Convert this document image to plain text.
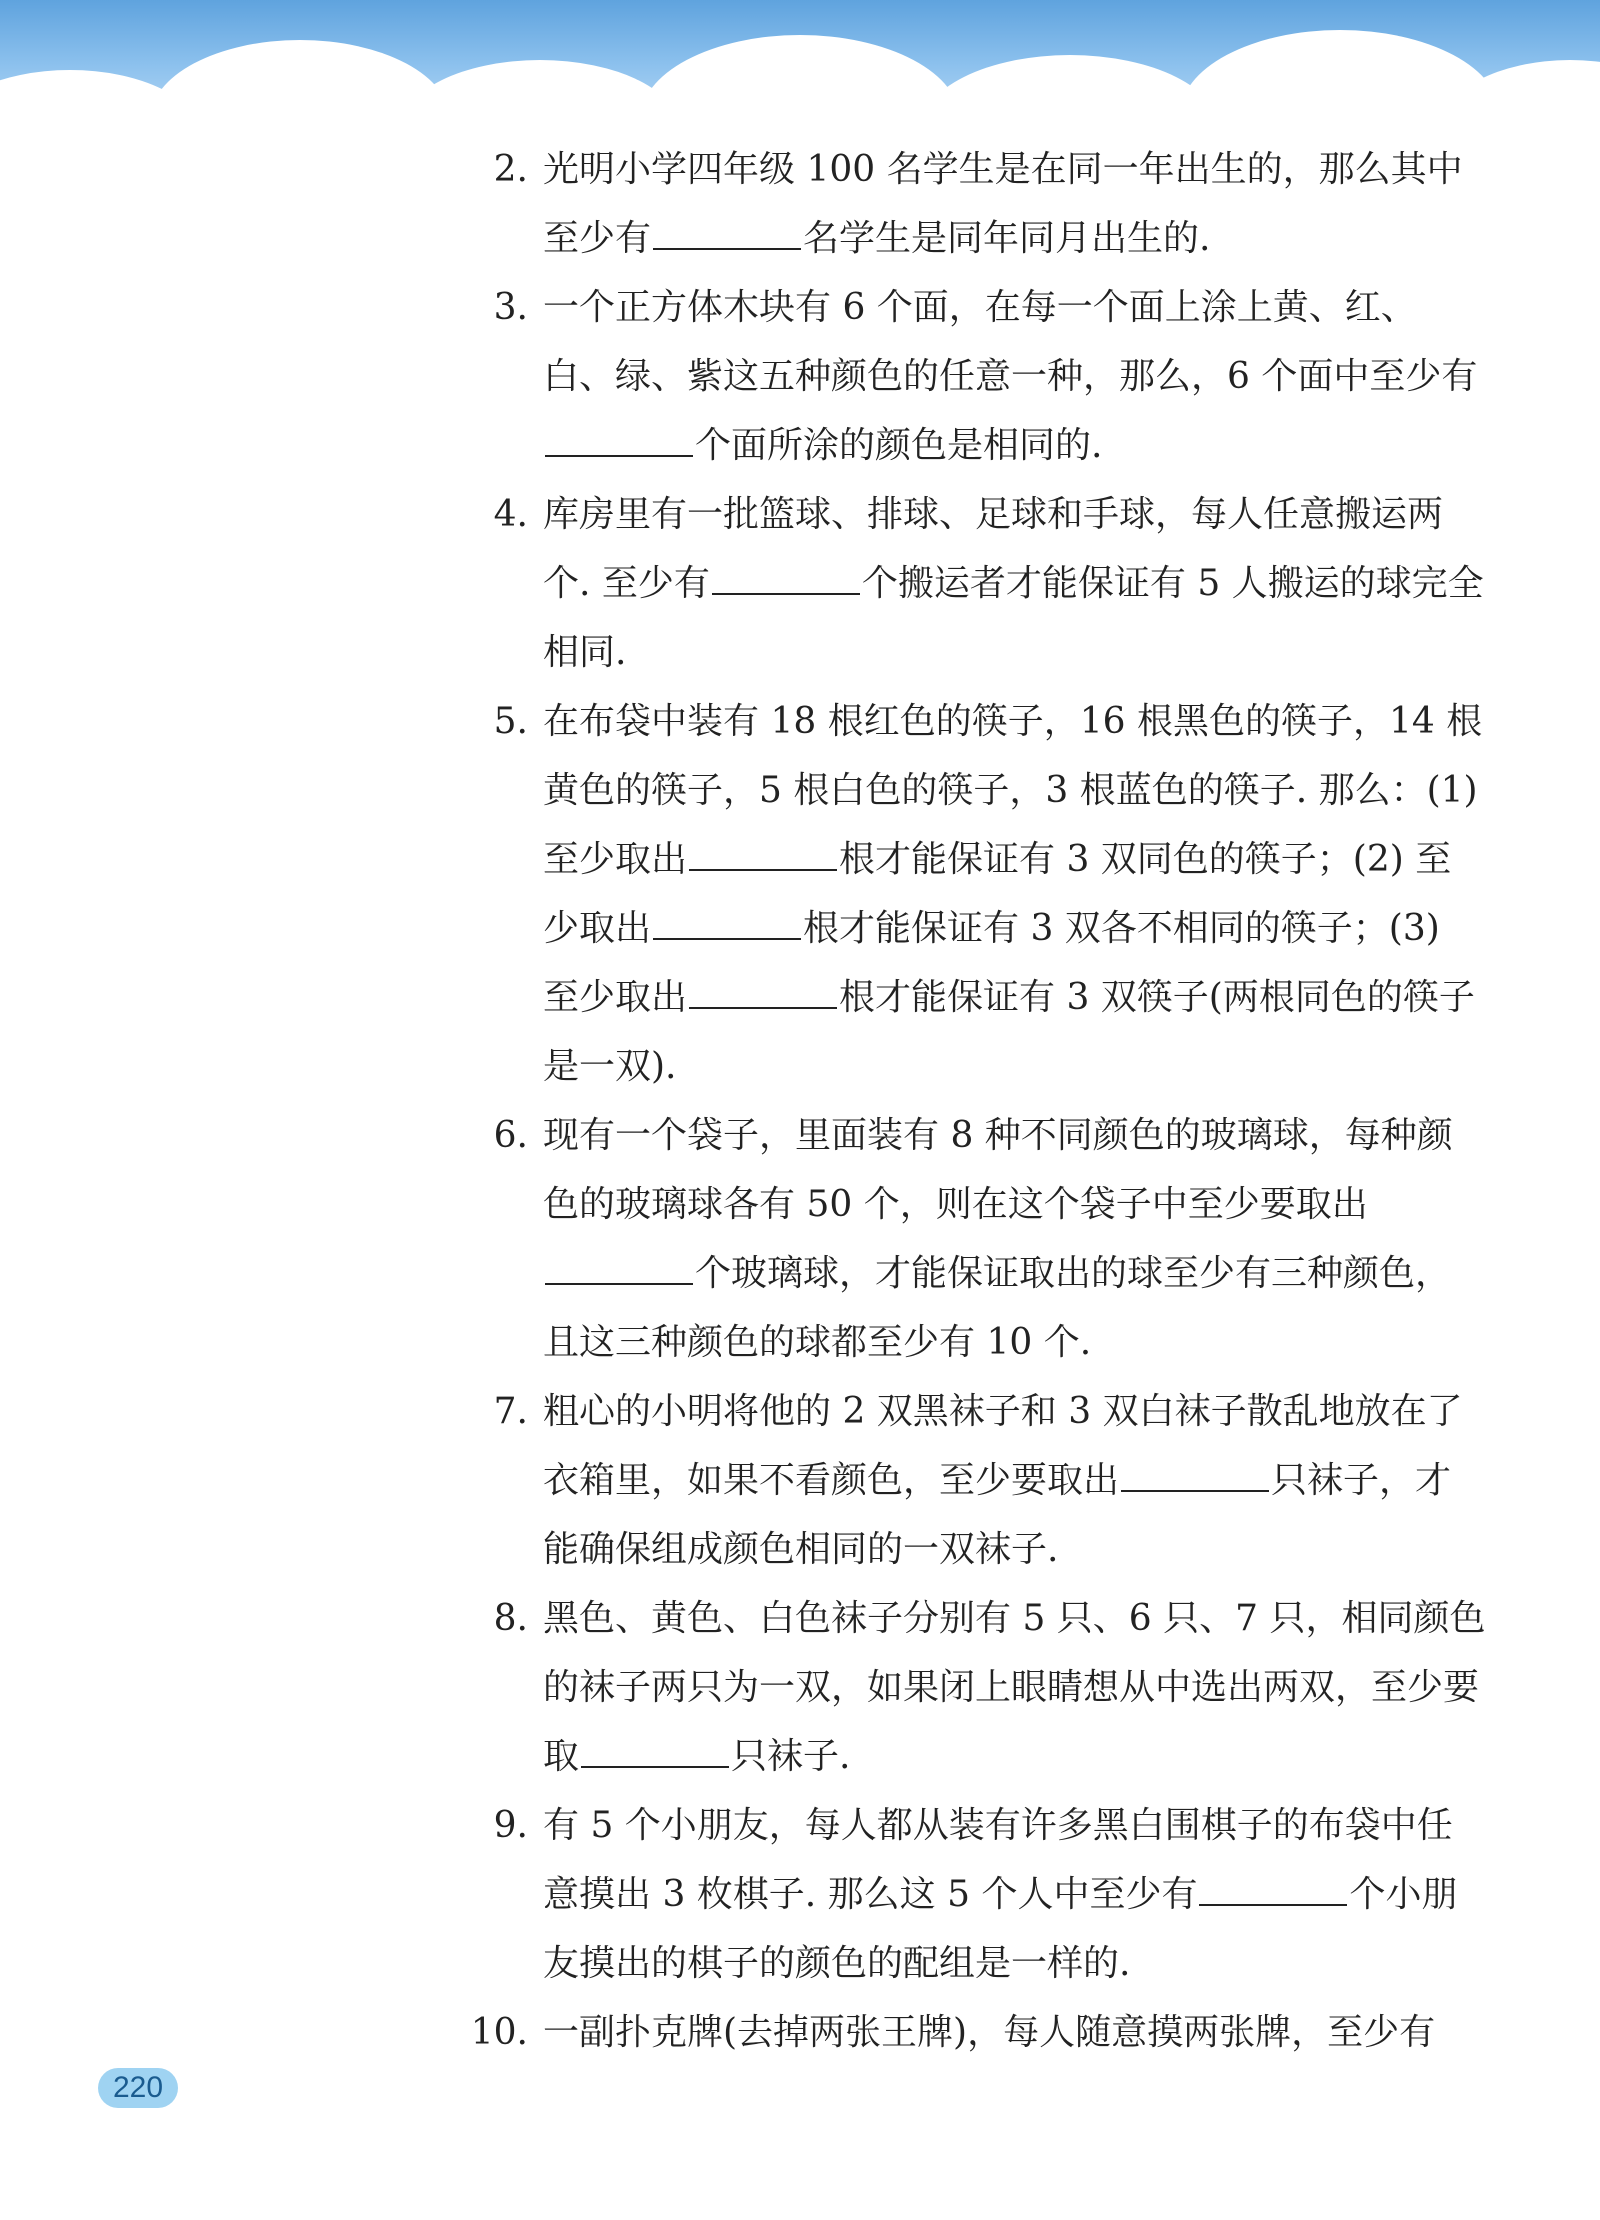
2. 光明小学四年级 100 名学生是在同一年出生的，那么其中至少有	名学生是同年同月出生的.
3. 一个正方体木块有 6 个面，在每一个面上涂上黄、红、白、绿、紫这五种颜色的任意一种，那么，6 个面中至少有个面所涂的颜色是相同的.
4. 库房里有一批篮球、排球、足球和手球，每人任意搬运两个. 至少有	个搬运者才能保证有 5 人搬运的球完全相同.
5. 在布袋中装有 18 根红色的筷子，16 根黑色的筷子，14 根黄色的筷子，5 根白色的筷子，3 根蓝色的筷子. 那么：(1) 至少取出	根才能保证有 3 双同色的筷子；(2) 至少取出	根才能保证有 3 双各不相同的筷子；(3) 至少取出	根才能保证有 3 双筷子(两根同色的筷子是一双).
6. 现有一个袋子，里面装有 8 种不同颜色的玻璃球，每种颜色的玻璃球各有 50 个，则在这个袋子中至少要取出个玻璃球，才能保证取出的球至少有三种颜色，且这三种颜色的球都至少有 10 个.
7. 粗心的小明将他的 2 双黑袜子和 3 双白袜子散乱地放在了衣箱里，如果不看颜色，至少要取出	只袜子，才能确保组成颜色相同的一双袜子.
8. 黑色、黄色、白色袜子分别有 5 只、6 只、7 只，相同颜色的袜子两只为一双，如果闭上眼睛想从中选出两双，至少要取	只袜子.
9. 有 5 个小朋友，每人都从装有许多黑白围棋子的布袋中任意摸出 3 枚棋子. 那么这 5 个人中至少有	个小朋友摸出的棋子的颜色的配组是一样的.
10. 一副扑克牌(去掉两张王牌)，每人随意摸两张牌，至少有
220
